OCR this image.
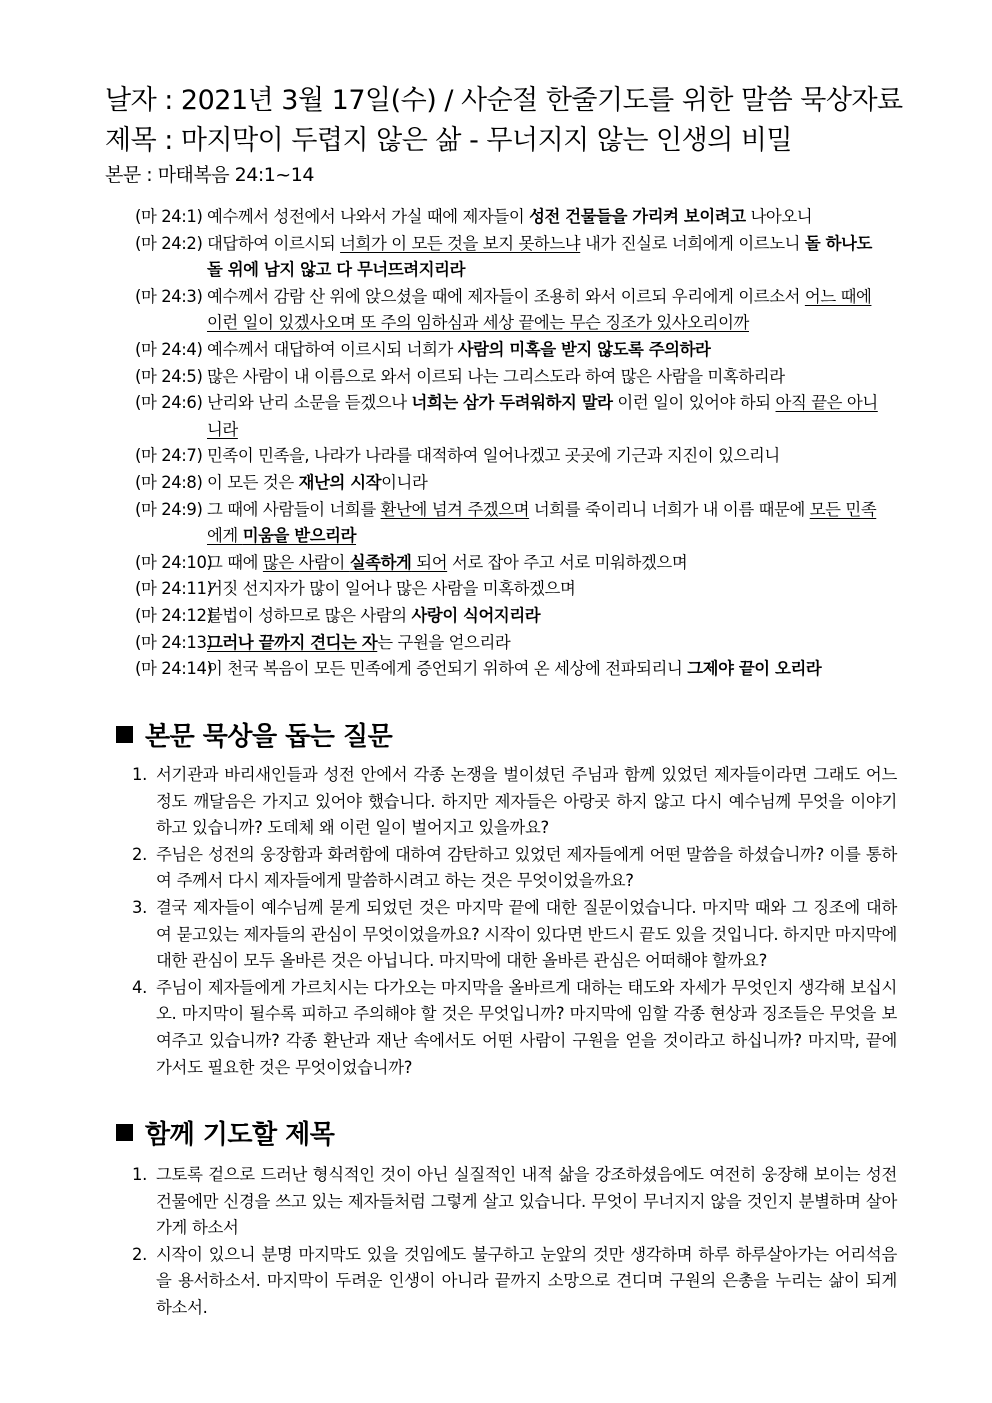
날자 : 2021년 3월 17일(수) / 사순절 한줄기도를 위한 말씀 묵상자료
제목 : 마지막이 두렵지 않은 삶 - 무너지지 않는 인생의 비밀
본문 : 마태복음 24:1~14
(마 24:1) 예수께서 성전에서 나와서 가실 때에 제자들이 성전 건물들을 가리켜 보이려고 나아오니
(마 24:2) 대답하여 이르시되 너희가 이 모든 것을 보지 못하느냐 내가 진실로 너희에게 이르노니 돌 하나도 돌 위에 남지 않고 다 무너뜨려지리라
(마 24:3) 예수께서 감람 산 위에 앉으셨을 때에 제자들이 조용히 와서 이르되 우리에게 이르소서 어느 때에 이런 일이 있겠사오며 또 주의 임하심과 세상 끝에는 무슨 징조가 있사오리이까
(마 24:4) 예수께서 대답하여 이르시되 너희가 사람의 미혹을 받지 않도록 주의하라
(마 24:5) 많은 사람이 내 이름으로 와서 이르되 나는 그리스도라 하여 많은 사람을 미혹하리라
(마 24:6) 난리와 난리 소문을 듣겠으나 너희는 삼가 두려워하지 말라 이런 일이 있어야 하되 아직 끝은 아니니라
(마 24:7) 민족이 민족을, 나라가 나라를 대적하여 일어나겠고 곳곳에 기근과 지진이 있으리니
(마 24:8) 이 모든 것은 재난의 시작이니라
(마 24:9) 그 때에 사람들이 너희를 환난에 넘겨 주겠으며 너희를 죽이리니 너희가 내 이름 때문에 모든 민족에게 미움을 받으리라
(마 24:10)
그 때에 많은 사람이 실족하게 되어 서로 잡아 주고 서로 미워하겠으며
(마 24:11)
거짓 선지자가 많이 일어나 많은 사람을 미혹하겠으며
(마 24:12)
불법이 성하므로 많은 사람의 사랑이 식어지리라
(마 24:13)
그러나 끝까지 견디는 자는 구원을 얻으리라
(마 24:14)
이 천국 복음이 모든 민족에게 증언되기 위하여 온 세상에 전파되리니 그제야 끝이 오리라
본문 묵상을 돕는 질문
1. 서기관과 바리새인들과 성전 안에서 각종 논쟁을 벌이셨던 주님과 함께 있었던 제자들이라면 그래도 어느정도 깨달음은 가지고 있어야 했습니다. 하지만 제자들은 아랑곳 하지 않고 다시 예수님께 무엇을 이야기 하고 있습니까? 도데체 왜 이런 일이 벌어지고 있을까요?
2. 주님은 성전의 웅장함과 화려함에 대하여 감탄하고 있었던 제자들에게 어떤 말씀을 하셨습니까? 이를 통하여 주께서 다시 제자들에게 말씀하시려고 하는 것은 무엇이었을까요?
3. 결국 제자들이 예수님께 묻게 되었던 것은 마지막 끝에 대한 질문이었습니다. 마지막 때와 그 징조에 대하여 묻고있는 제자들의 관심이 무엇이었을까요? 시작이 있다면 반드시 끝도 있을 것입니다. 하지만 마지막에 대한 관심이 모두 올바른 것은 아닙니다. 마지막에 대한 올바른 관심은 어떠해야 할까요?
4. 주님이 제자들에게 가르치시는 다가오는 마지막을 올바르게 대하는 태도와 자세가 무엇인지 생각해 보십시오. 마지막이 될수록 피하고 주의해야 할 것은 무엇입니까? 마지막에 임할 각종 현상과 징조들은 무엇을 보여주고 있습니까? 각종 환난과 재난 속에서도 어떤 사람이 구원을 얻을 것이라고 하십니까? 마지막, 끝에 가서도 필요한 것은 무엇이었습니까?
함께 기도할 제목
1. 그토록 겉으로 드러난 형식적인 것이 아닌 실질적인 내적 삶을 강조하셨음에도 여전히 웅장해 보이는 성전 건물에만 신경을 쓰고 있는 제자들처럼 그렇게 살고 있습니다. 무엇이 무너지지 않을 것인지 분별하며 살아가게 하소서
2. 시작이 있으니 분명 마지막도 있을 것임에도 불구하고 눈앞의 것만 생각하며 하루 하루살아가는 어리석음을 용서하소서. 마지막이 두려운 인생이 아니라 끝까지 소망으로 견디며 구원의 은총을 누리는 삶이 되게 하소서.
